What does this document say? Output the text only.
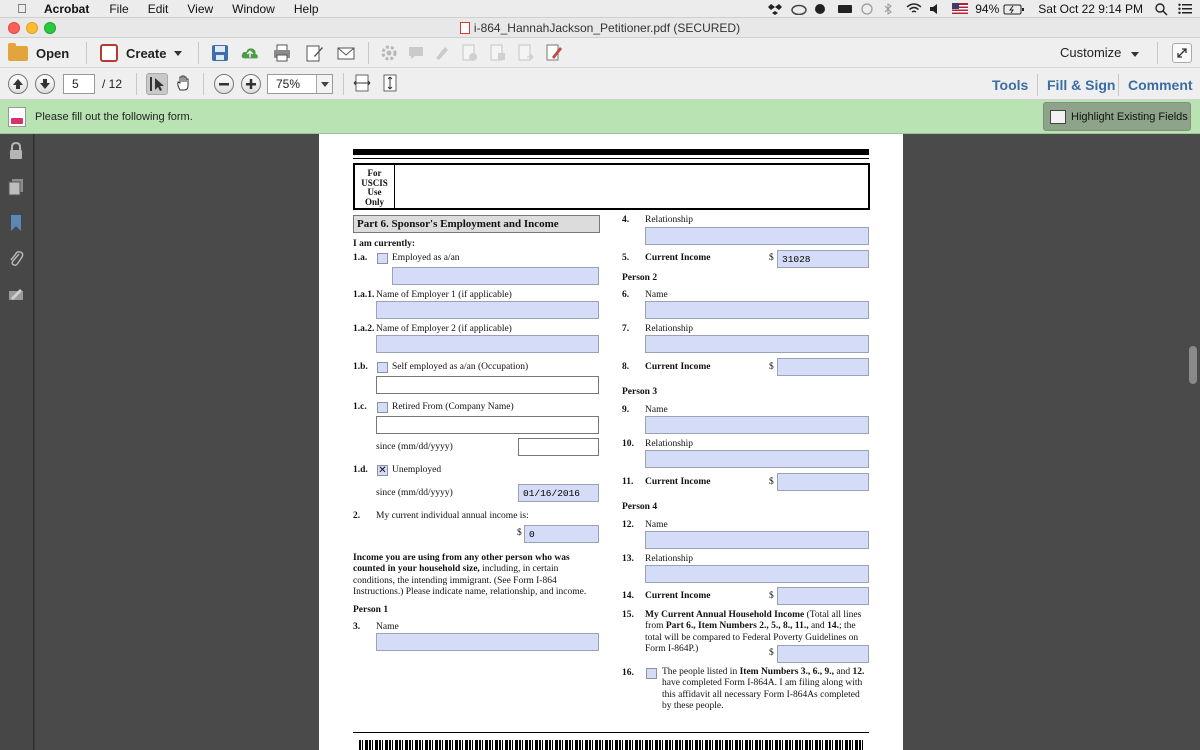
Acrobat File Edit View Window Help	94%	Sat Oct 22 9:14 PM
i-864_HannahJackson_Petitioner.pdf (SECURED)
Open	Create	Customize
5	/ 12	75%	Tools Fill & Sign Comment
Please fill out the following form.	Highlight Existing Fields
For
USCIS
Use
Only
Part 6. Sponsor's Employment and Income
I am currently:
1.a.	Employed as a/an
1.a.1. Name of Employer 1 (if applicable)
1.a.2. Name of Employer 2 (if applicable)
1.b.	Self employed as a/an (Occupation)
1.c.	Retired From (Company Name)
since (mm/dd/yyyy)
1.d. ✕ Unemployed
since (mm/dd/yyyy)	01/16/2016
2. My current individual annual income is:
$ 0
Income you are using from any other person who was
counted in your household size, including, in certain
conditions, the intending immigrant. (See Form I-864
Instructions.) Please indicate name, relationship, and income.
Person 1
3. Name
4. Relationship
5. Current Income	$ 31028
Person 2
6. Name
7. Relationship
8. Current Income	$
Person 3
9. Name
10. Relationship
11. Current Income	$
Person 4
12. Name
13. Relationship
14. Current Income	$
15. My Current Annual Household Income (Total all lines
from Part 6., Item Numbers 2., 5., 8., 11., and 14.; the
total will be compared to Federal Poverty Guidelines on
Form I-864P.)	$
16.	The people listed in Item Numbers 3., 6., 9., and 12.
have completed Form I-864A. I am filing along with
this affidavit all necessary Form I-864As completed
by these people.
